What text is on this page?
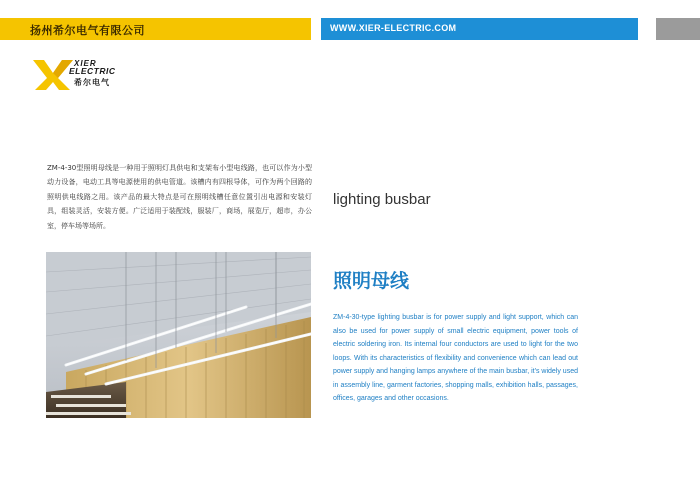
扬州希尔电气有限公司	WWW.XIER-ELECTRIC.COM
XIER
ELECTRIC
希尔电气
ZM-4-30型照明母线是一种用于照明灯具供电和支架布小型电线路，也可以作为小型动力设备，电动工具等电源使用的供电管道。该槽内有四根导体，可作为两个回路的照明供电线路之用。该产品的最大特点是可在照明线槽任意位置引出电源和安装灯具，组装灵活，安装方便。广泛适用于装配线，服装厂，商场，展览厅，超市，办公室，停车场等场所。
lighting busbar
照明母线
ZM-4-30-type lighting busbar is for power supply and light support, which can also be used for power supply of small electric equipment, power tools of electric soldering iron. Its internal four conductors are used to light for the two loops. With its characteristics of flexibility and convenience which can lead out power supply and hanging lamps anywhere of the main busbar, it's widely used in assembly line, garment factories, shopping malls, exhibition halls, passages, offices, garages and other occasions.
